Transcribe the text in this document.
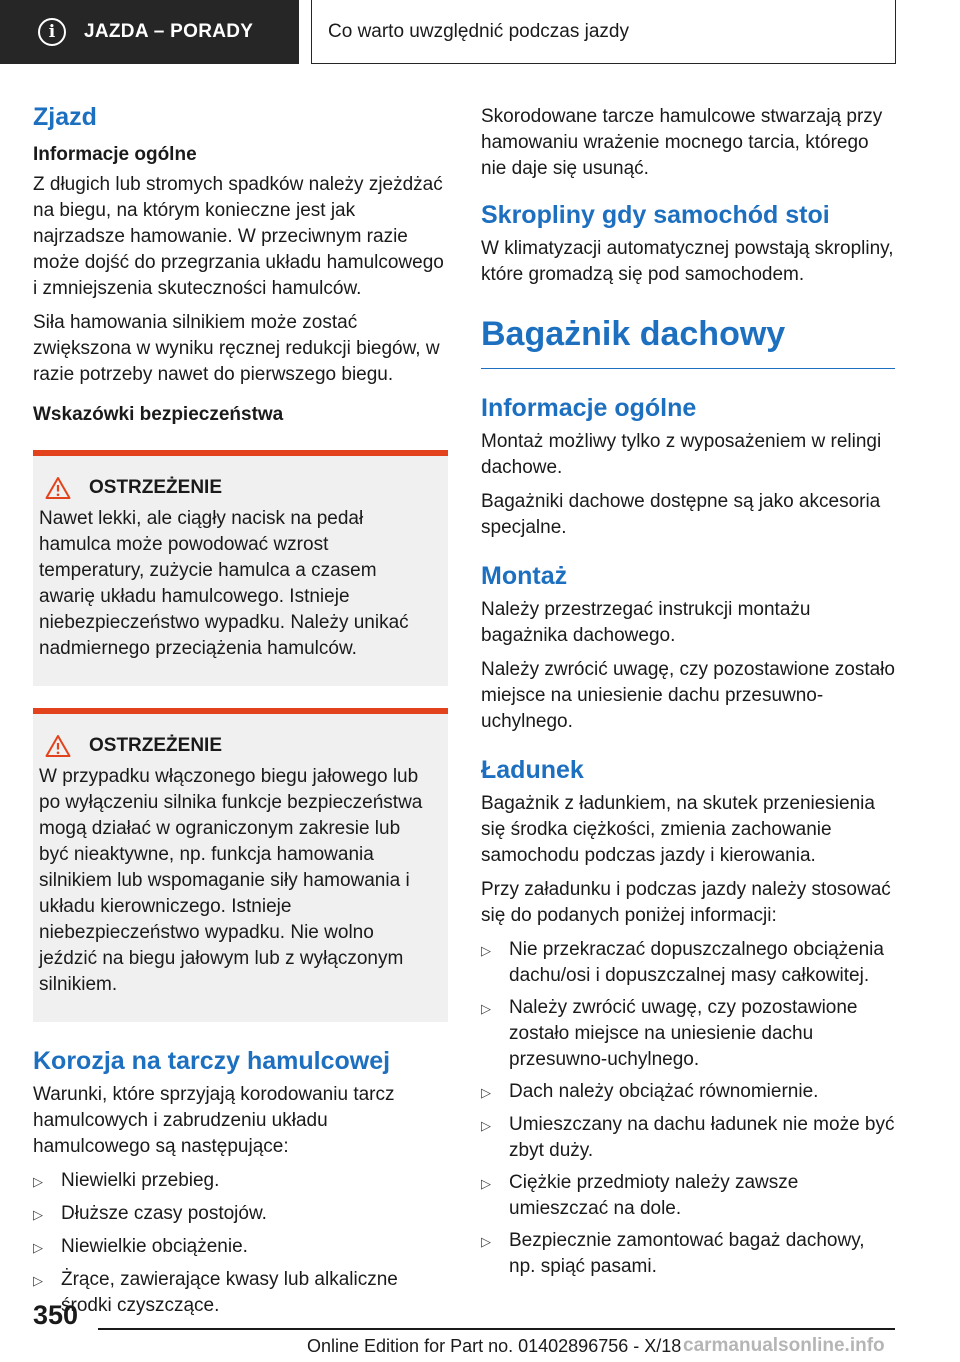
i	JAZDA – PORADY	Co warto uwzględnić podczas jazdy
Zjazd
Informacje ogólne

Z długich lub stromych spadków należy zjeżdżać na biegu, na którym konieczne jest jak najrzadsze hamowanie. W przeciwnym razie może dojść do przegrzania układu hamulcowego i zmniejszenia skuteczności hamulców.

Siła hamowania silnikiem może zostać zwiększona w wyniku ręcznej redukcji biegów, w razie potrzeby nawet do pierwszego biegu.

Wskazówki bezpieczeństwa
OSTRZEŻENIE

Nawet lekki, ale ciągły nacisk na pedał hamulca może powodować wzrost temperatury, zużycie hamulca a czasem awarię układu hamulcowego. Istnieje niebezpieczeństwo wypadku. Należy unikać nadmiernego przeciążenia hamulców.

OSTRZEŻENIE

W przypadku włączonego biegu jałowego lub po wyłączeniu silnika funkcje bezpieczeństwa mogą działać w ograniczonym zakresie lub być nieaktywne, np. funkcja hamowania silnikiem lub wspomaganie siły hamowania i układu kierowniczego. Istnieje niebezpieczeństwo wypadku. Nie wolno jeździć na biegu jałowym lub z wyłączonym silnikiem.

Korozja na tarczy hamulcowej

Warunki, które sprzyjają korodowaniu tarcz hamulcowych i zabrudzeniu układu hamulcowego są następujące:

▷ Niewielki przebieg.
▷ Dłuższe czasy postojów.
▷ Niewielkie obciążenie.
▷ Żrące, zawierające kwasy lub alkaliczne środki czyszczące.

Skorodowane tarcze hamulcowe stwarzają przy hamowaniu wrażenie mocnego tarcia, którego nie daje się usunąć.

Skropliny gdy samochód stoi

W klimatyzacji automatycznej powstają skropliny, które gromadzą się pod samochodem.

Bagażnik dachowy
Informacje ogólne

Montaż możliwy tylko z wyposażeniem w relingi dachowe.

Bagażniki dachowe dostępne są jako akcesoria specjalne.

Montaż

Należy przestrzegać instrukcji montażu bagażnika dachowego.

Należy zwrócić uwagę, czy pozostawione zostało miejsce na uniesienie dachu przesuwno-uchylnego.

Ładunek

Bagażnik z ładunkiem, na skutek przeniesienia się środka ciężkości, zmienia zachowanie samochodu podczas jazdy i kierowania.

Przy załadunku i podczas jazdy należy stosować się do podanych poniżej informacji:

▷ Nie przekraczać dopuszczalnego obciążenia dachu/osi i dopuszczalnej masy całkowitej.
▷ Należy zwrócić uwagę, czy pozostawione zostało miejsce na uniesienie dachu przesuwno-uchylnego.
▷ Dach należy obciążać równomiernie.
▷ Umieszczany na dachu ładunek nie może być zbyt duży.
▷ Ciężkie przedmioty należy zawsze umieszczać na dole.
▷ Bezpiecznie zamontować bagaż dachowy, np. spiąć pasami.
350
Online Edition for Part no. 01402896756 - X/18 carmanualsonline.info
